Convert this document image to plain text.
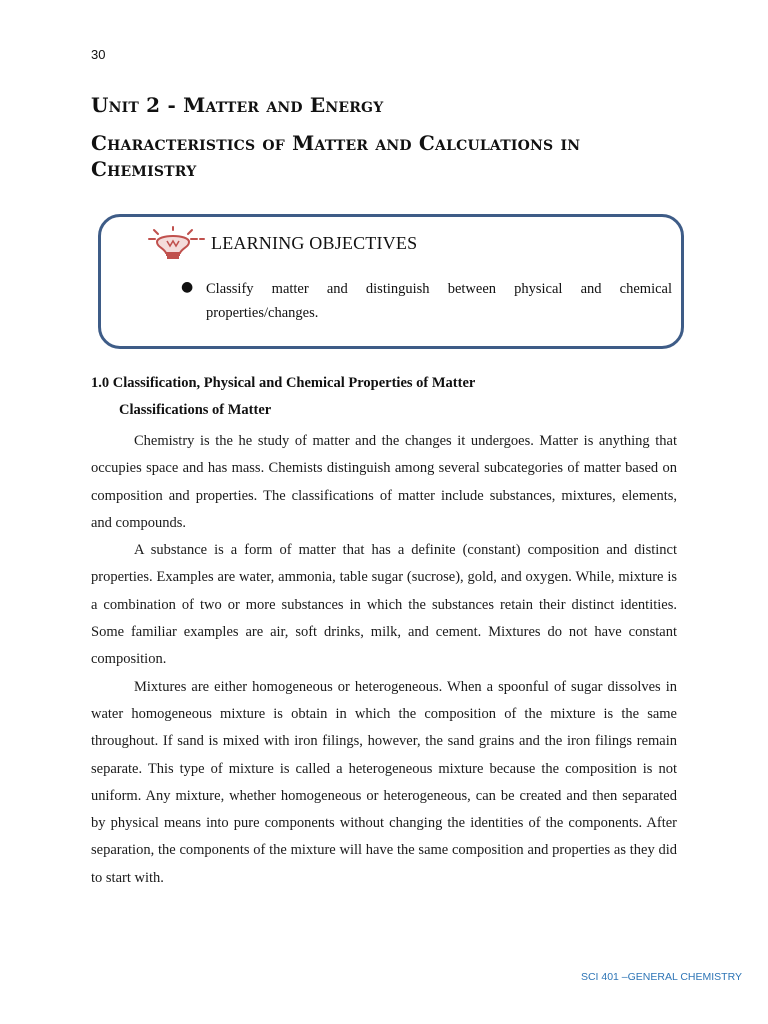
30
Unit 2 - Matter and Energy
Characteristics of Matter and Calculations in Chemistry
LEARNING OBJECTIVES
● Classify matter and distinguish between physical and chemical properties/changes.

1.0 Classification, Physical and Chemical Properties of Matter
Classifications of Matter

Chemistry is the he study of matter and the changes it undergoes. Matter is anything that occupies space and has mass. Chemists distinguish among several subcategories of matter based on composition and properties. The classifications of matter include substances, mixtures, elements, and compounds.

A substance is a form of matter that has a definite (constant) composition and distinct properties. Examples are water, ammonia, table sugar (sucrose), gold, and oxygen. While, mixture is a combination of two or more substances in which the substances retain their distinct identities. Some familiar examples are air, soft drinks, milk, and cement. Mixtures do not have constant composition.

Mixtures are either homogeneous or heterogeneous. When a spoonful of sugar dissolves in water homogeneous mixture is obtain in which the composition of the mixture is the same throughout. If sand is mixed with iron filings, however, the sand grains and the iron filings remain separate. This type of mixture is called a heterogeneous mixture because the composition is not uniform. Any mixture, whether homogeneous or heterogeneous, can be created and then separated by physical means into pure components without changing the identities of the components. After separation, the components of the mixture will have the same composition and properties as they did to start with.

SCI 401 –GENERAL CHEMISTRY
